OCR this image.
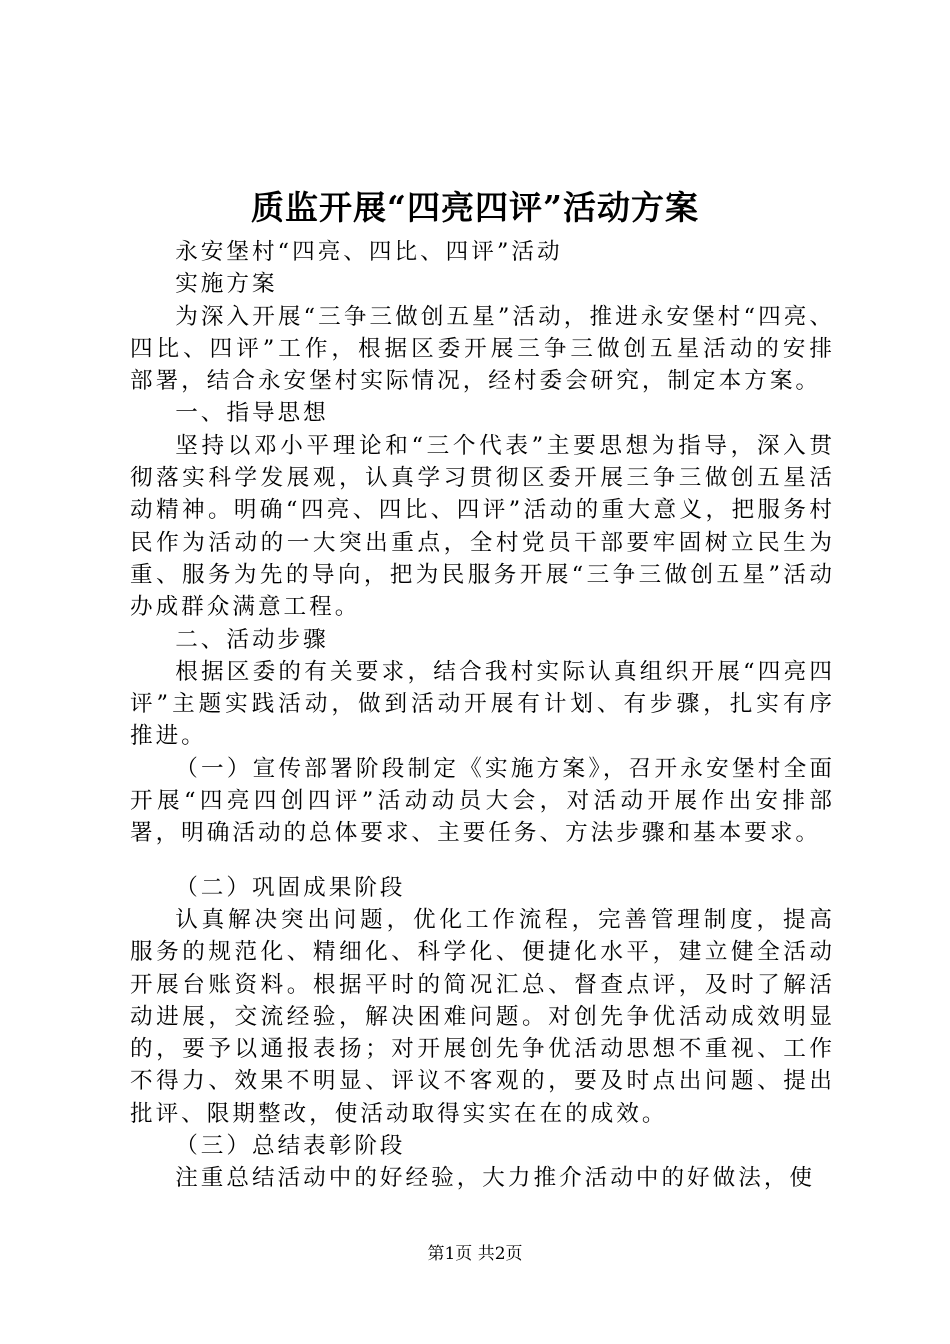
质监开展“四亮四评”活动方案

永安堡村“四亮、四比、四评”活动

实施方案

为深入开展“三争三做创五星”活动，推进永安堡村“四亮、四比、四评”工作，根据区委开展三争三做创五星活动的安排部署，结合永安堡村实际情况，经村委会研究，制定本方案。

一、指导思想

坚持以邓小平理论和“三个代表”主要思想为指导，深入贯彻落实科学发展观，认真学习贯彻区委开展三争三做创五星活动精神。明确“四亮、四比、四评”活动的重大意义，把服务村民作为活动的一大突出重点，全村党员干部要牢固树立民生为重、服务为先的导向，把为民服务开展“三争三做创五星”活动办成群众满意工程。

二、活动步骤

根据区委的有关要求，结合我村实际认真组织开展“四亮四评”主题实践活动，做到活动开展有计划、有步骤，扎实有序推进。

（一）宣传部署阶段制定《实施方案》，召开永安堡村全面开展“四亮四创四评”活动动员大会，对活动开展作出安排部署，明确活动的总体要求、主要任务、方法步骤和基本要求。

（二）巩固成果阶段

认真解决突出问题，优化工作流程，完善管理制度，提高服务的规范化、精细化、科学化、便捷化水平，建立健全活动开展台账资料。根据平时的简况汇总、督查点评，及时了解活动进展，交流经验，解决困难问题。对创先争优活动成效明显的，要予以通报表扬；对开展创先争优活动思想不重视、工作不得力、效果不明显、评议不客观的，要及时点出问题、提出批评、限期整改，使活动取得实实在在的成效。

（三）总结表彰阶段

注重总结活动中的好经验，大力推介活动中的好做法，使

第1页 共2页
